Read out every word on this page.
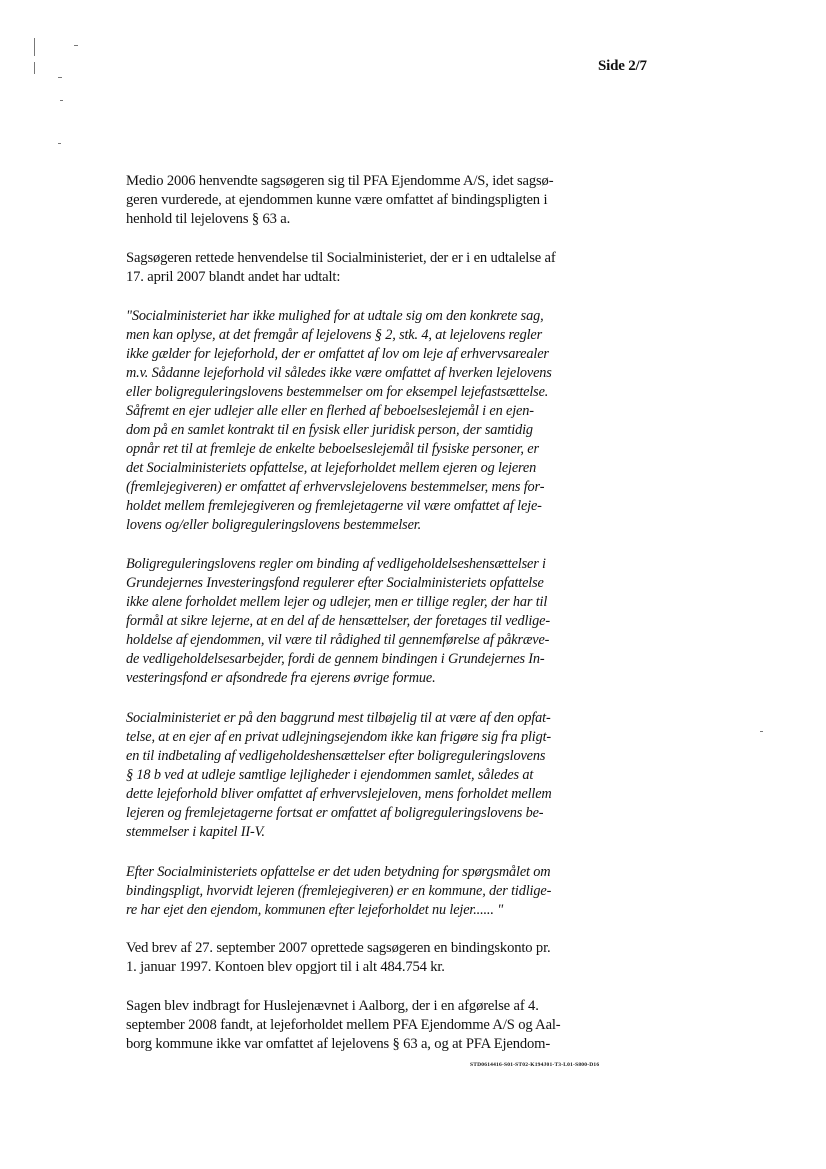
Side 2/7

Medio 2006 henvendte sagsøgeren sig til PFA Ejendomme A/S, idet sagsø-
geren vurderede, at ejendommen kunne være omfattet af bindingspligten i
henhold til lejelovens § 63 a.

Sagsøgeren rettede henvendelse til Socialministeriet, der er i en udtalelse af
17. april 2007 blandt andet har udtalt:

"Socialministeriet har ikke mulighed for at udtale sig om den konkrete sag,
men kan oplyse, at det fremgår af lejelovens § 2, stk. 4, at lejelovens regler
ikke gælder for lejeforhold, der er omfattet af lov om leje af erhvervsarealer
m.v. Sådanne lejeforhold vil således ikke være omfattet af hverken lejelovens
eller boligreguleringslovens bestemmelser om for eksempel lejefastsættelse.
Såfremt en ejer udlejer alle eller en flerhed af beboelseslejemål i en ejen-
dom på en samlet kontrakt til en fysisk eller juridisk person, der samtidig
opnår ret til at fremleje de enkelte beboelseslejemål til fysiske personer, er
det Socialministeriets opfattelse, at lejeforholdet mellem ejeren og lejeren
(fremlejegiveren) er omfattet af erhvervslejelovens bestemmelser, mens for-
holdet mellem fremlejegiveren og fremlejetagerne vil være omfattet af leje-
lovens og/eller boligreguleringslovens bestemmelser.

Boligreguleringslovens regler om binding af vedligeholdelseshensættelser i
Grundejernes Investeringsfond regulerer efter Socialministeriets opfattelse
ikke alene forholdet mellem lejer og udlejer, men er tillige regler, der har til
formål at sikre lejerne, at en del af de hensættelser, der foretages til vedlige-
holdelse af ejendommen, vil være til rådighed til gennemførelse af påkræve-
de vedligeholdelsesarbejder, fordi de gennem bindingen i Grundejernes In-
vesteringsfond er afsondrede fra ejerens øvrige formue.

Socialministeriet er på den baggrund mest tilbøjelig til at være af den opfat-
telse, at en ejer af en privat udlejningsejendom ikke kan frigøre sig fra pligt-
en til indbetaling af vedligeholdeshensættelser efter boligreguleringslovens
§ 18 b ved at udleje samtlige lejligheder i ejendommen samlet, således at
dette lejeforhold bliver omfattet af erhvervslejeloven, mens forholdet mellem
lejeren og fremlejetagerne fortsat er omfattet af boligreguleringslovens be-
stemmelser i kapitel II-V.

Efter Socialministeriets opfattelse er det uden betydning for spørgsmålet om
bindingspligt, hvorvidt lejeren (fremlejegiveren) er en kommune, der tidlige-
re har ejet den ejendom, kommunen efter lejeforholdet nu lejer...... "

Ved brev af 27. september 2007 oprettede sagsøgeren en bindingskonto pr.
1. januar 1997. Kontoen blev opgjort til i alt 484.754 kr.

Sagen blev indbragt for Huslejenævnet i Aalborg, der i en afgørelse af 4.
september 2008 fandt, at lejeforholdet mellem PFA Ejendomme A/S og Aal-
borg kommune ikke var omfattet af lejelovens § 63 a, og at PFA Ejendom-

STD0614416-S01-ST02-K194J01-T3-L01-S800-D16
